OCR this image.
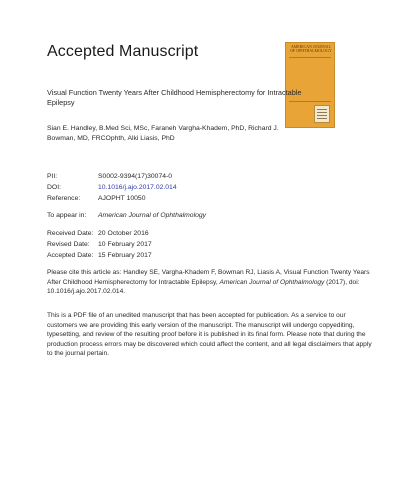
Accepted Manuscript	AMERICAN JOURNAL OF OPHTHALMOLOGY
Visual Function Twenty Years After Childhood Hemispherectomy for Intractable Epilepsy
Sian E. Handley, B.Med Sci, MSc, Faraneh Vargha-Khadem, PhD, Richard J. Bowman, MD, FRCOphth, Alki Liasis, PhD
PII:	S0002-9394(17)30074-0
DOI:	10.1016/j.ajo.2017.02.014
Reference:	AJOPHT 10050
To appear in: American Journal of Ophthalmology
Received Date: 20 October 2016
Revised Date: 10 February 2017
Accepted Date: 15 February 2017
Please cite this article as: Handley SE, Vargha-Khadem F, Bowman RJ, Liasis A, Visual Function Twenty Years After Childhood Hemispherectomy for Intractable Epilepsy, American Journal of Ophthalmology (2017), doi: 10.1016/j.ajo.2017.02.014.
This is a PDF file of an unedited manuscript that has been accepted for publication. As a service to our customers we are providing this early version of the manuscript. The manuscript will undergo copyediting, typesetting, and review of the resulting proof before it is published in its final form. Please note that during the production process errors may be discovered which could affect the content, and all legal disclaimers that apply to the journal pertain.
